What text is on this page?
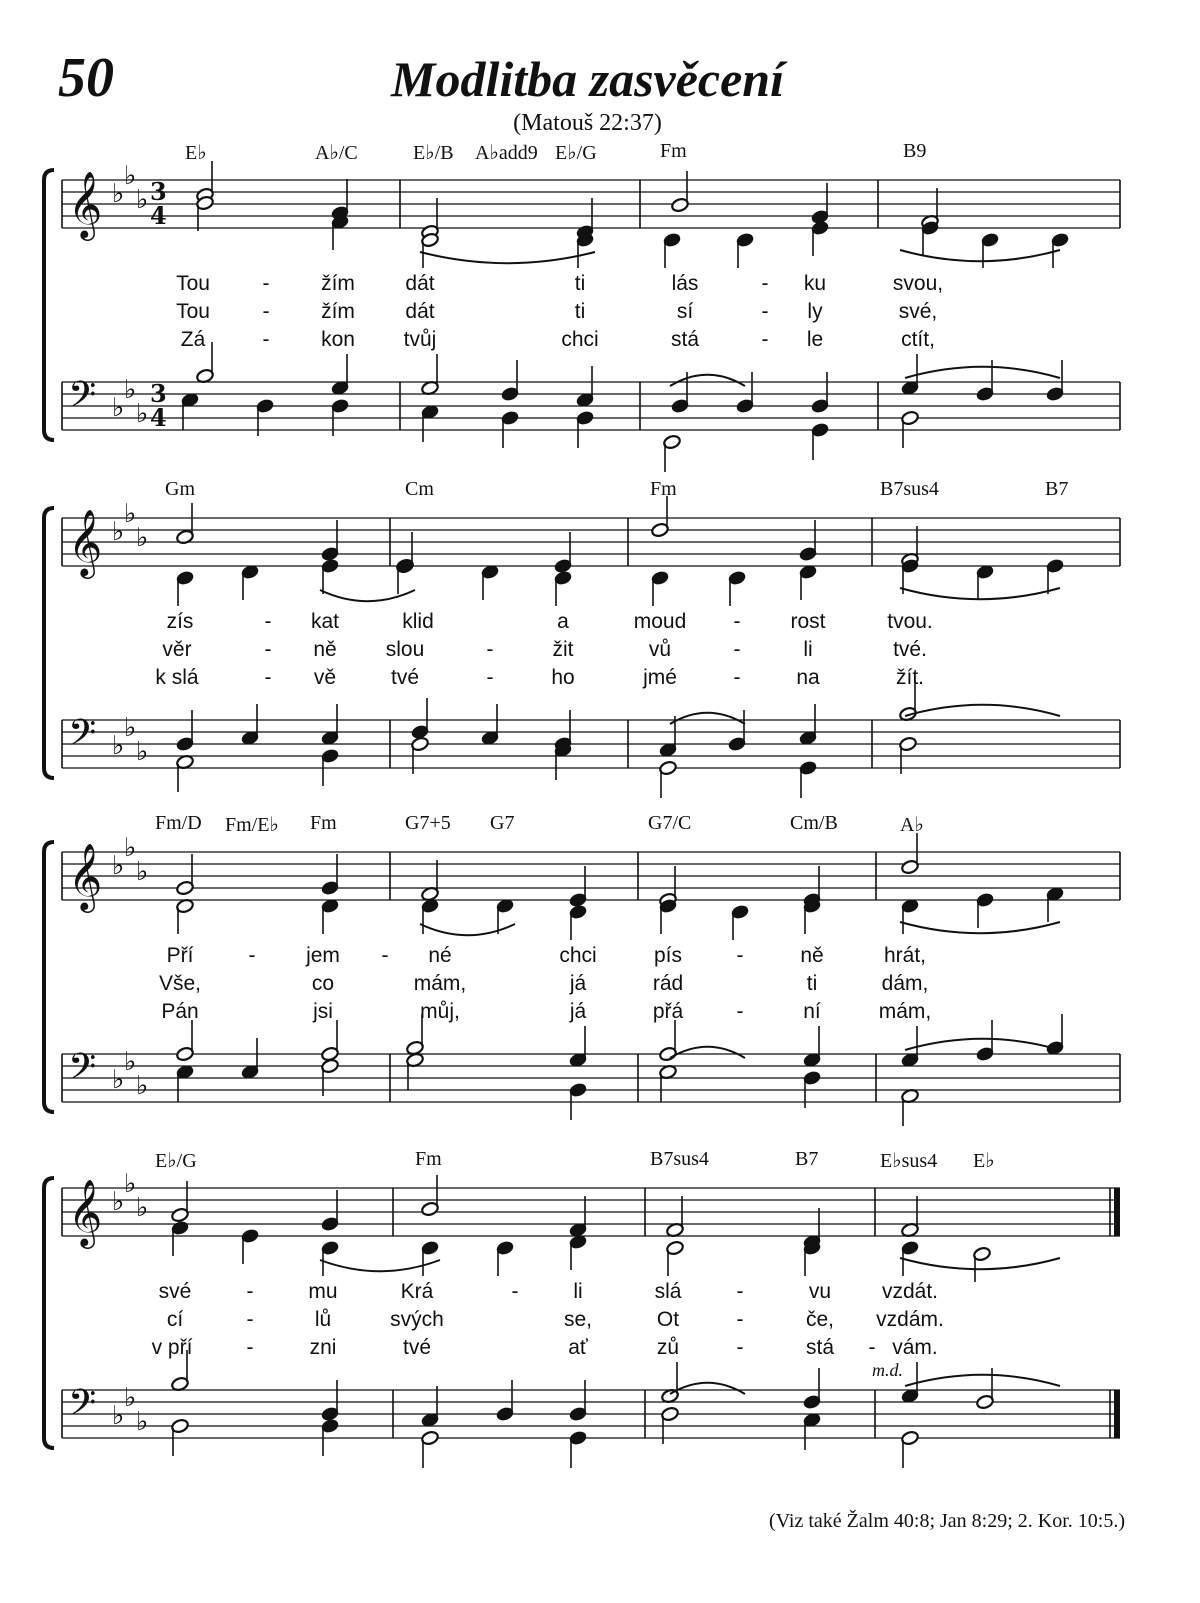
50	Modlitba zasvěcení
(Matouš 22:37)
E♭	A♭/C	E♭/B A♭add9 E♭/G	Fm	B9
𝄞 ♭
♭
♭ 3
4
𝄢 ♭
♭
♭
3
4
Tou	- žím dát	ti	lás	- ku	svou,
Tou	- žím dát	ti	sí	- ly	své,
Zá	- kon tvůj	chci	stá	- le	ctít,
Gm	Cm	Fm	B7sus4	B7
𝄞 ♭
♭
♭
𝄢 ♭
♭
♭
zís	- kat	klid	a	moud - rost	tvou.
věr	- ně slou	-	žit	vů	-	li	tvé.
k slá	- vě	tvé	-	ho	jmé	-	na	žít.
Fm/D Fm/E♭ Fm	G7+5 G7	G7/C	Cm/B	A♭
𝄞 ♭
♭
♭
𝄢 ♭
♭
♭
Pří	- jem - né	chci	pís	-	ně	hrát,
Vše,	co	mám,	já	rád	ti	dám,
Pán	jsi	můj,	já	přá	-	ní	mám,
E♭/G	Fm	B7sus4	B7	E♭sus4 E♭
𝄞 ♭
♭
♭
𝄢 ♭
♭
♭
m.d.
své	-	mu	Krá	-	li	slá	-	vu vzdát.
cí	-	lů	svých	se,	Ot	-	če, vzdám.
v pří	-	zni	tvé	ať	zů	-	stá - vám.
(Viz také Žalm 40:8; Jan 8:29; 2. Kor. 10:5.)
